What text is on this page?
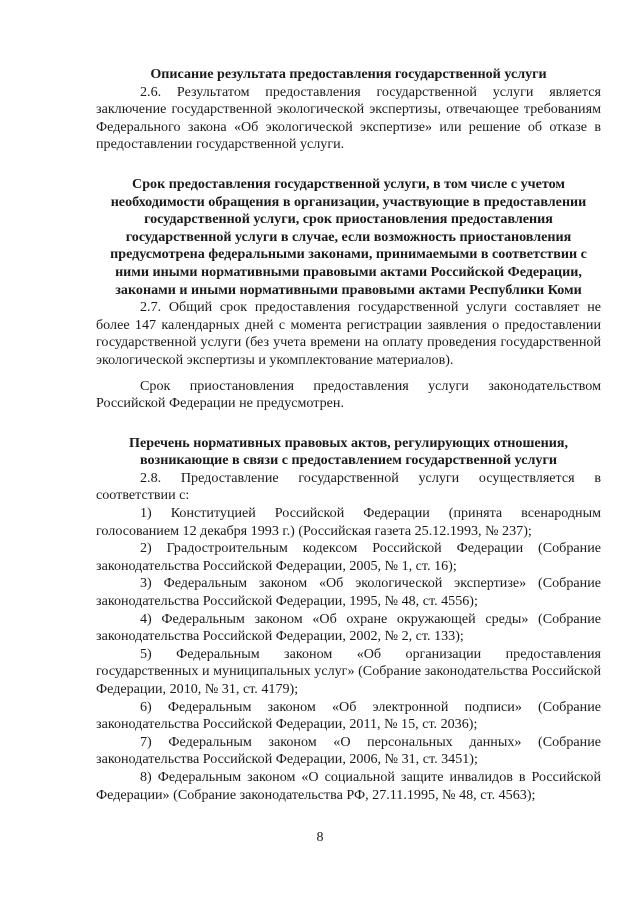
Описание результата предоставления государственной услуги

2.6. Результатом предоставления государственной услуги является заключение государственной экологической экспертизы, отвечающее требованиям Федерального закона «Об экологической экспертизе» или решение об отказе в предоставлении государственной услуги.

Срок предоставления государственной услуги, в том числе с учетом необходимости обращения в организации, участвующие в предоставлении государственной услуги, срок приостановления предоставления государственной услуги в случае, если возможность приостановления предусмотрена федеральными законами, принимаемыми в соответствии с ними иными нормативными правовыми актами Российской Федерации, законами и иными нормативными правовыми актами Республики Коми

2.7. Общий срок предоставления государственной услуги составляет не более 147 календарных дней с момента регистрации заявления о предоставлении государственной услуги (без учета времени на оплату проведения государственной экологической экспертизы и укомплектование материалов).

Срок приостановления предоставления услуги законодательством Российской Федерации не предусмотрен.

Перечень нормативных правовых актов, регулирующих отношения, возникающие в связи с предоставлением государственной услуги

2.8. Предоставление государственной услуги осуществляется в соответствии с:

1) Конституцией Российской Федерации (принята всенародным голосованием 12 декабря 1993 г.) (Российская газета 25.12.1993, № 237);

2) Градостроительным кодексом Российской Федерации (Собрание законодательства Российской Федерации, 2005, № 1, ст. 16);

3) Федеральным законом «Об экологической экспертизе» (Собрание законодательства Российской Федерации, 1995, № 48, ст. 4556);

4) Федеральным законом «Об охране окружающей среды» (Собрание законодательства Российской Федерации, 2002, № 2, ст. 133);

5) Федеральным законом «Об организации предоставления государственных и муниципальных услуг» (Собрание законодательства Российской Федерации, 2010, № 31, ст. 4179);

6) Федеральным законом «Об электронной подписи» (Собрание законодательства Российской Федерации, 2011, № 15, ст. 2036);

7) Федеральным законом «О персональных данных» (Собрание законодательства Российской Федерации, 2006, № 31, ст. 3451);

8) Федеральным законом «О социальной защите инвалидов в Российской Федерации» (Собрание законодательства РФ, 27.11.1995, № 48, ст. 4563);

8
